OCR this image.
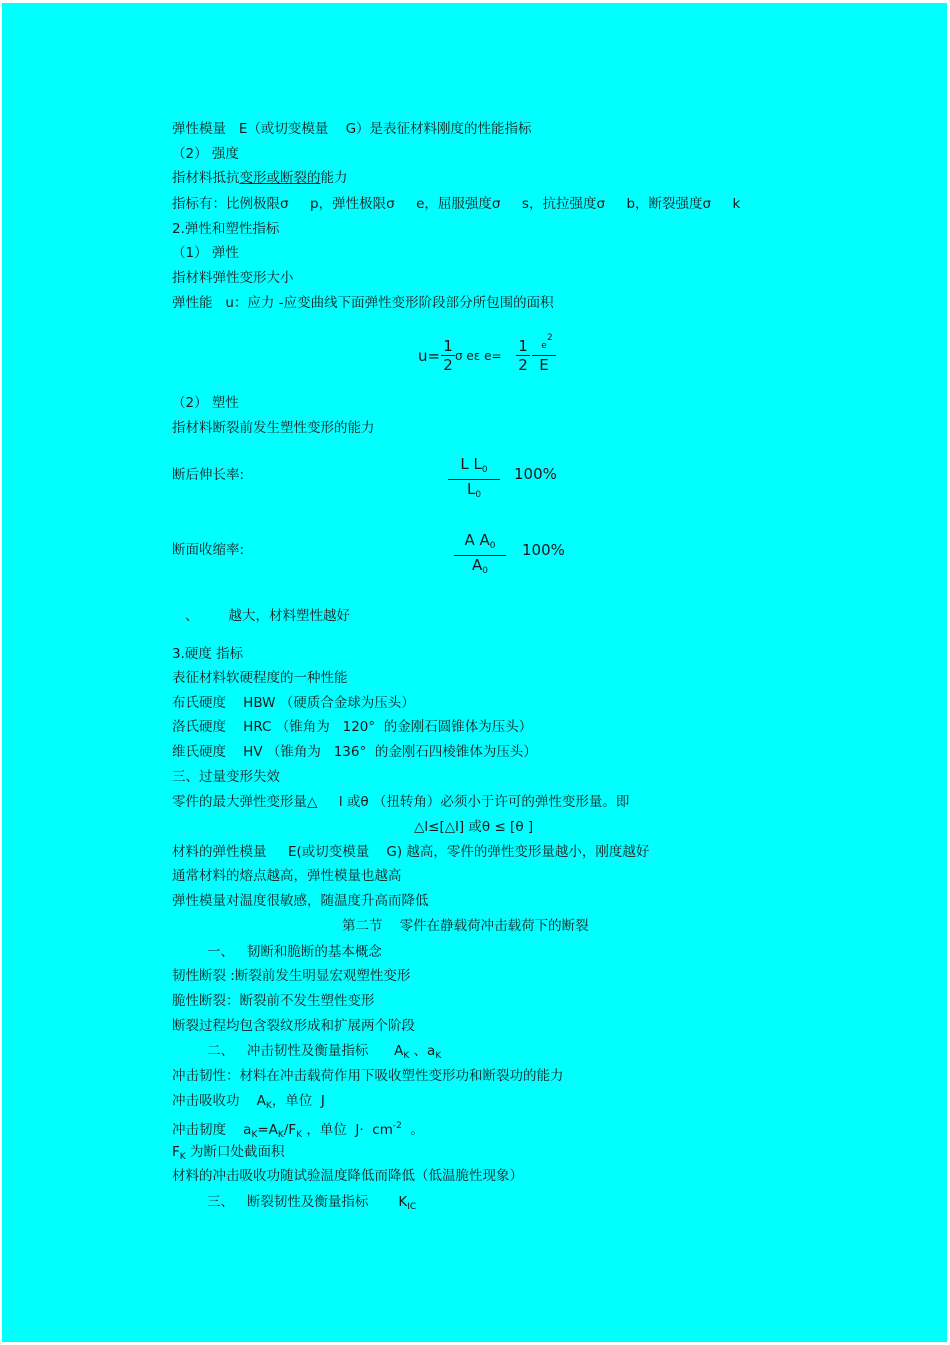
弹性模量   E（或切变模量    G）是表征材料刚度的性能指标
（2） 强度
指材料抵抗变形或断裂的能力
指标有：比例极限σ     p，弹性极限σ     e，屈服强度σ     s，抗拉强度σ     b，断裂强度σ     k
2.弹性和塑性指标
（1） 弹性
指材料弹性变形大小
弹性能   u：应力 -应变曲线下面弹性变形阶段部分所包围的面积
u=
1
2 σ eε e=
1
2
2
e
E
（2） 塑性
指材料断裂前发生塑性变形的能力
断后伸长率:
L $L_0$
$L_0$
100%
断面收缩率:
A $A_0$
$A_0$
100%
、       越大，材料塑性越好
3.硬度 指标
表征材料软硬程度的一种性能
布氏硬度    HBW （硬质合金球为压头）
洛氏硬度    HRC （锥角为   120°  的金刚石圆锥体为压头）
维氏硬度    HV （锥角为   136°  的金刚石四棱锥体为压头）
三、过量变形失效
零件的最大弹性变形量△     l 或θ （扭转角）必须小于许可的弹性变形量。即
△l≤[△l] 或θ ≤ [θ ]
材料的弹性模量     E(或切变模量    G) 越高，零件的弹性变形量越小，刚度越好
通常材料的熔点越高，弹性模量也越高
弹性模量对温度很敏感，随温度升高而降低
第二节    零件在静载荷冲击载荷下的断裂
一、   韧断和脆断的基本概念
韧性断裂 :断裂前发生明显宏观塑性变形
脆性断裂：断裂前不发生塑性变形
断裂过程均包含裂纹形成和扩展两个阶段
二、   冲击韧性及衡量指标      $A_K$ 、$a_K$
冲击韧性：材料在冲击载荷作用下吸收塑性变形功和断裂功的能力
冲击吸收功    $A_K$，单位  J
冲击韧度    $a_K=A_K/F_K$ ，单位  $J\cdot cm^{-2}$  。
$F_K$ 为断口处截面积
材料的冲击吸收功随试验温度降低而降低（低温脆性现象）
三、   断裂韧性及衡量指标       $K_{IC}$
